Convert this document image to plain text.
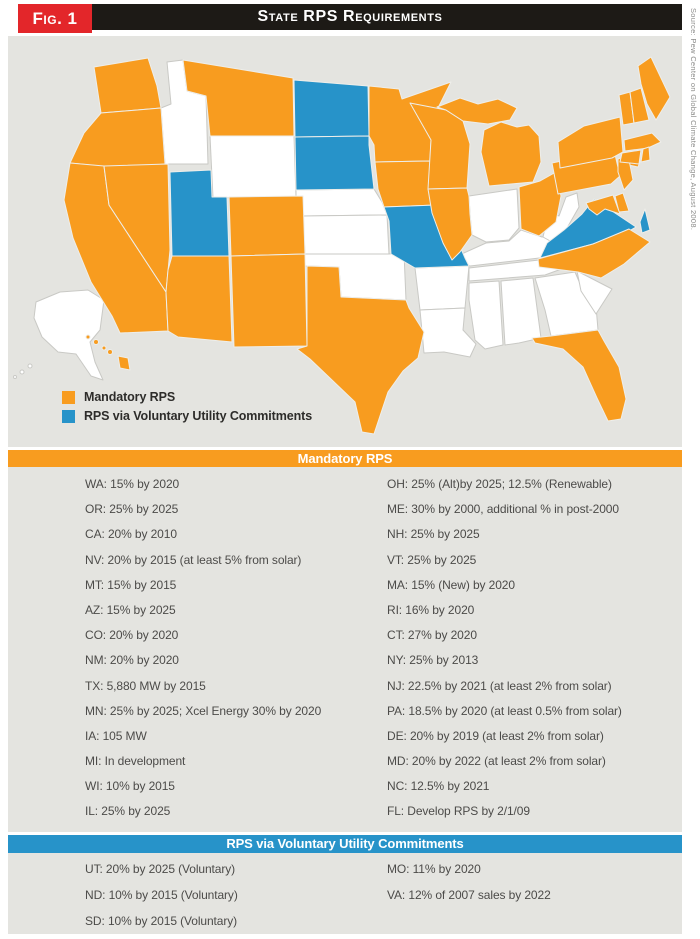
Fig. 1	State RPS Requirements	Source: Pew Center on Global Climate Change, August 2008.
Mandatory RPS
RPS via Voluntary Utility Commitments
Mandatory RPS
WA: 15% by 2020
OR: 25% by 2025
CA: 20% by 2010
NV: 20% by 2015 (at least 5% from solar)
MT: 15% by 2015
AZ: 15% by 2025
CO: 20% by 2020
NM: 20% by 2020
TX: 5,880 MW by 2015
MN: 25% by 2025; Xcel Energy 30% by 2020
IA: 105 MW
MI: In development
WI: 10% by 2015
IL: 25% by 2025
OH: 25% (Alt)by 2025; 12.5% (Renewable)
ME: 30% by 2000, additional % in post-2000
NH: 25% by 2025
VT: 25% by 2025
MA: 15% (New) by 2020
RI: 16% by 2020
CT: 27% by 2020
NY: 25% by 2013
NJ: 22.5% by 2021 (at least 2% from solar)
PA: 18.5% by 2020 (at least 0.5% from solar)
DE: 20% by 2019 (at least 2% from solar)
MD: 20% by 2022 (at least 2% from solar)
NC: 12.5% by 2021
FL: Develop RPS by 2/1/09
RPS via Voluntary Utility Commitments
UT: 20% by 2025 (Voluntary)
ND: 10% by 2015 (Voluntary)
SD: 10% by 2015 (Voluntary)
MO: 11% by 2020
VA: 12% of 2007 sales by 2022
